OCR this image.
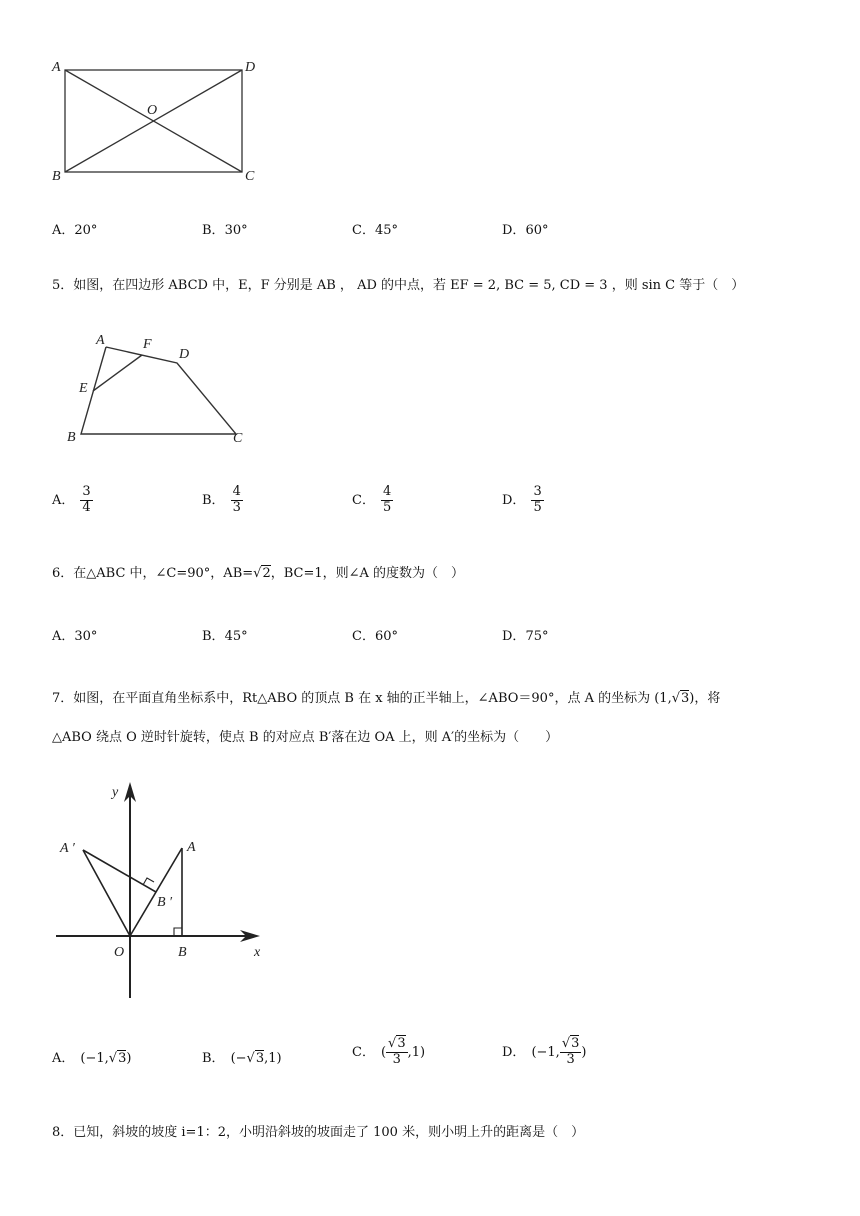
A	D
B	C
O
A．20°	B．30°	C．45°	D．60°
5．如图，在四边形 ABCD 中，E，F 分别是 AB ， AD 的中点，若 EF = 2, BC = 5, CD = 3 ，则 sin C 等于（　）
A	F
D
E
B	C
A． $\frac{3}{4}$	B． $\frac{4}{3}$	C． $\frac{4}{5}$	D． $\frac{3}{5}$
6．在△ABC 中，∠C=90°，AB=√2，BC=1，则∠A 的度数为（　）
A．30°	B．45°	C．60°	D．75°
7．如图，在平面直角坐标系中，Rt△ABO 的顶点 B 在 x 轴的正半轴上，∠ABO＝90°，点 A 的坐标为 (1,√3)，将
△ABO 绕点 O 逆时针旋转，使点 B 的对应点 B′落在边 OA 上，则 A′的坐标为（　　）
y
A ′	A
B ′
O	B	x
A． (−1,√3)	B． (−√3,1)	C． ( $\frac{√3}{3} ,1$)	D． (−1, $\frac{√3}{3}$ )
8．已知，斜坡的坡度 i=1：2，小明沿斜坡的坡面走了 100 米，则小明上升的距离是（　）
